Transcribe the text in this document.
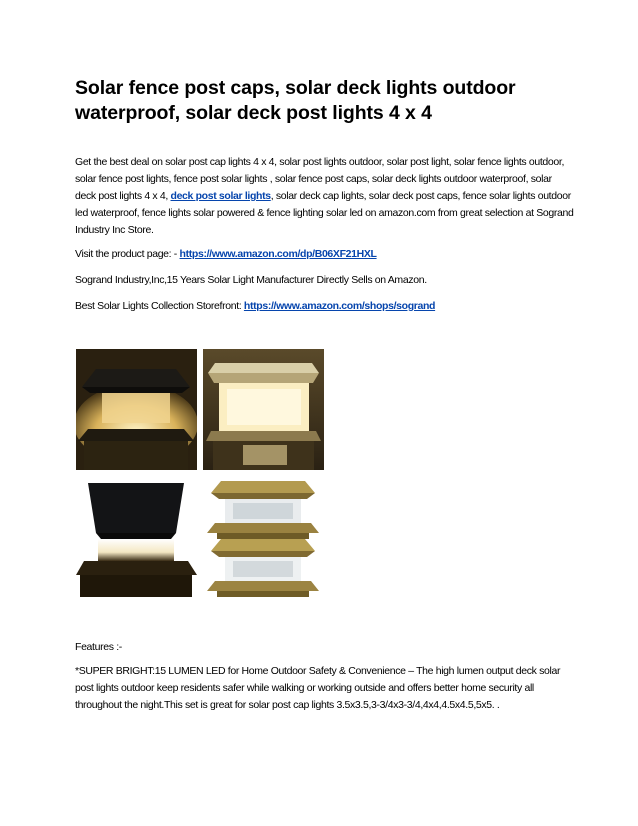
Solar fence post caps, solar deck lights outdoor waterproof, solar deck post lights 4 x 4

Get the best deal on solar post cap lights 4 x 4, solar post lights outdoor, solar post light, solar fence lights outdoor, solar fence post lights, fence post solar lights , solar fence post caps, solar deck lights outdoor waterproof, solar deck post lights 4 x 4, deck post solar lights, solar deck cap lights, solar deck post caps, fence solar lights outdoor led waterproof, fence lights solar powered & fence lighting solar led on amazon.com from great selection at Sogrand Industry Inc Store.

Visit the product page: - https://www.amazon.com/dp/B06XF21HXL

Sogrand Industry,Inc,15 Years Solar Light Manufacturer Directly Sells on Amazon.

Best Solar Lights Collection Storefront: https://www.amazon.com/shops/sogrand

Features :-

*SUPER BRIGHT:15 LUMEN LED for Home Outdoor Safety & Convenience – The high lumen output deck solar post lights outdoor keep residents safer while walking or working outside and offers better home security all throughout the night.This set is great for solar post cap lights 3.5x3.5,3-3/4x3-3/4,4x4,4.5x4.5,5x5. .
